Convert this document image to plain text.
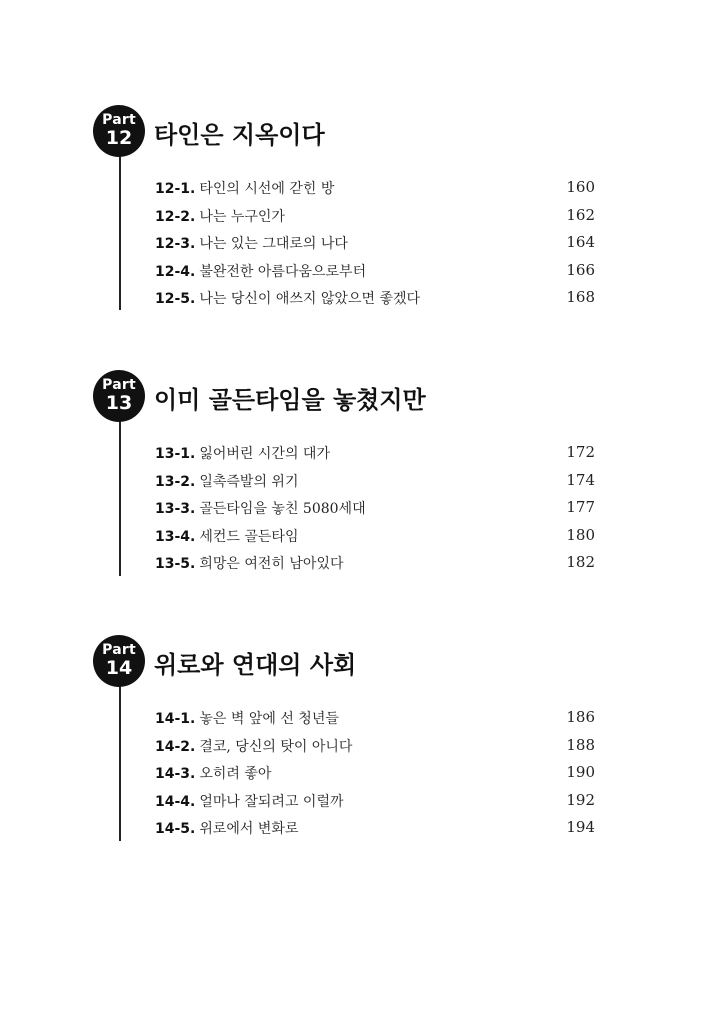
Part
12 타인은 지옥이다
12-1. 타인의 시선에 갇힌 방	160
12-2. 나는 누구인가	162
12-3. 나는 있는 그대로의 나다	164
12-4. 불완전한 아름다움으로부터	166
12-5. 나는 당신이 애쓰지 않았으면 좋겠다	168
Part
13 이미 골든타임을 놓쳤지만
13-1. 잃어버린 시간의 대가	172
13-2. 일촉즉발의 위기	174
13-3. 골든타임을 놓친 5080세대	177
13-4. 세컨드 골든타임	180
13-5. 희망은 여전히 남아있다	182
Part
14 위로와 연대의 사회
14-1. 놓은 벽 앞에 선 청년들	186
14-2. 결코, 당신의 탓이 아니다	188
14-3. 오히려 좋아	190
14-4. 얼마나 잘되려고 이럴까	192
14-5. 위로에서 변화로	194
